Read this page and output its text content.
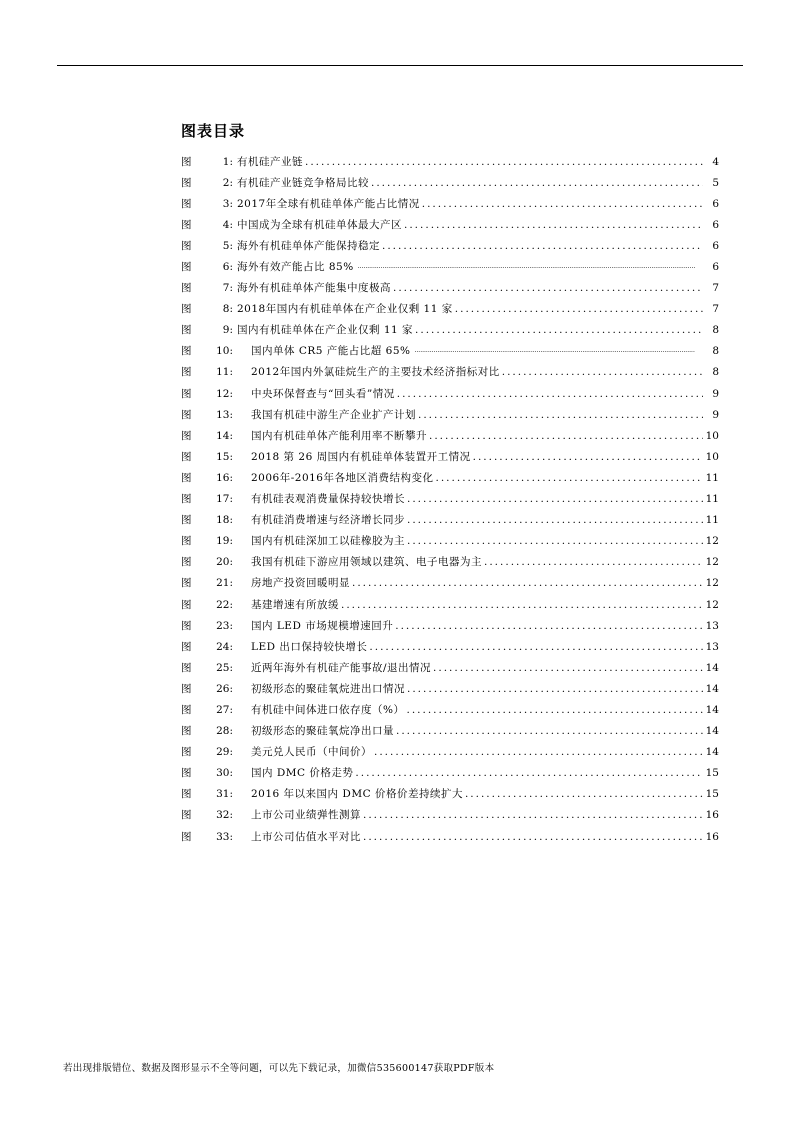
图表目录
图	1: 有机硅产业链 .....	4
图	2: 有机硅产业链竞争格局比较 .....	5
图	3: 2017年全球有机硅单体产能占比情况 .....	6
图	4: 中国成为全球有机硅单体最大产区 .....	6
图	5: 海外有机硅单体产能保持稳定 .....	6
图	6: 海外有效产能占比 85% .....	6
图	7: 海外有机硅单体产能集中度极高 .....	7
图	8: 2018年国内有机硅单体在产企业仅剩 11 家 .....	7
图	9: 国内有机硅单体在产企业仅剩 11 家 .....	8
图	10: 国内单体 CR5 产能占比超 65% .....	8
图	11: 2012年国内外氯硅烷生产的主要技术经济指标对比 .....	8
图	12: 中央环保督查与“回头看”情况 .....	9
图	13: 我国有机硅中游生产企业扩产计划 .....	9
图	14: 国内有机硅单体产能利用率不断攀升 .....	10
图	15: 2018 第 26 周国内有机硅单体装置开工情况 .....	10
图	16: 2006年-2016年各地区消费结构变化 .....	11
图	17: 有机硅表观消费量保持较快增长 .....	11
图	18: 有机硅消费增速与经济增长同步 .....	11
图	19: 国内有机硅深加工以硅橡胶为主 .....	12
图	20: 我国有机硅下游应用领域以建筑、电子电器为主 .....	12
图	21: 房地产投资回暖明显 .....	12
图	22: 基建增速有所放缓 .....	12
图	23: 国内 LED 市场规模增速回升 .....	13
图	24: LED 出口保持较快增长 .....	13
图	25: 近两年海外有机硅产能事故/退出情况 .....	14
图	26: 初级形态的聚硅氧烷进出口情况 .....	14
图	27: 有机硅中间体进口依存度（%） .....	14
图	28: 初级形态的聚硅氧烷净出口量 .....	14
图	29: 美元兑人民币（中间价） .....	14
图	30: 国内 DMC 价格走势 .....	15
图	31: 2016 年以来国内 DMC 价格价差持续扩大 .....	15
图	32: 上市公司业绩弹性测算 .....	16
图	33: 上市公司估值水平对比 .....	16
若出现排版错位、数据及图形显示不全等问题，可以先下载记录，加微信535600147获取PDF版本
